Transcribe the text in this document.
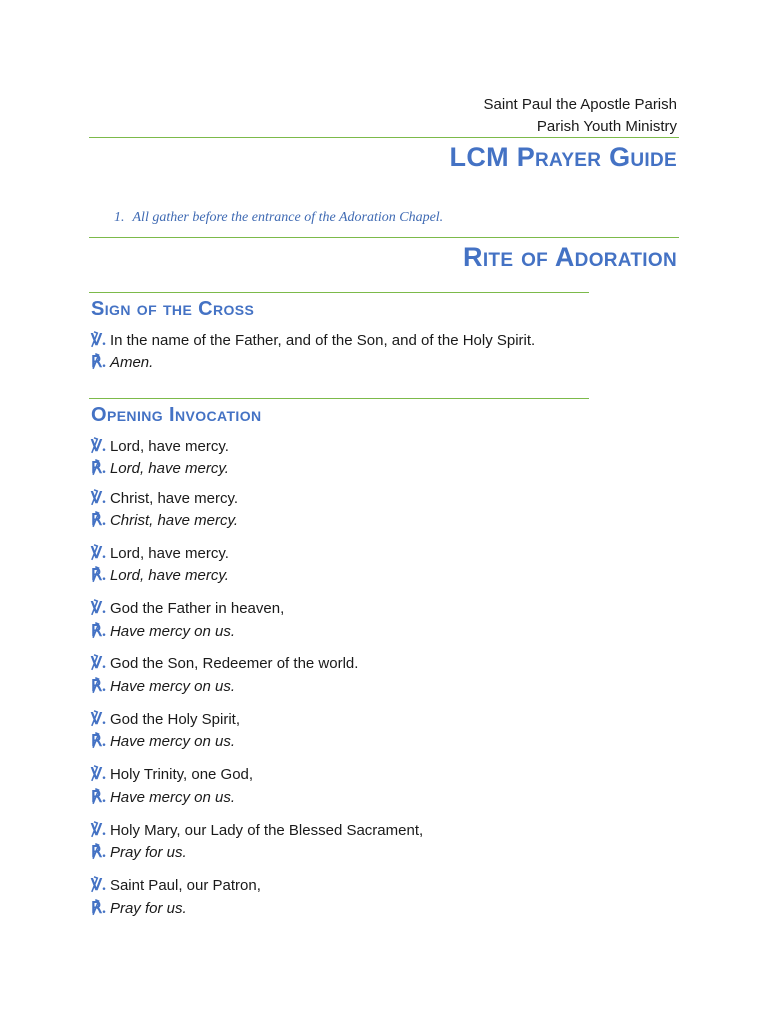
Saint Paul the Apostle Parish
Parish Youth Ministry
LCM Prayer Guide
1. All gather before the entrance of the Adoration Chapel.
Rite of Adoration
Sign of the Cross
℣. In the name of the Father, and of the Son, and of the Holy Spirit.
℟. Amen.
Opening Invocation
℣. Lord, have mercy.
℟. Lord, have mercy.
℣. Christ, have mercy.
℟. Christ, have mercy.
℣. Lord, have mercy.
℟. Lord, have mercy.
℣. God the Father in heaven,
℟. Have mercy on us.
℣. God the Son, Redeemer of the world.
℟. Have mercy on us.
℣. God the Holy Spirit,
℟. Have mercy on us.
℣. Holy Trinity, one God,
℟. Have mercy on us.
℣. Holy Mary, our Lady of the Blessed Sacrament,
℟. Pray for us.
℣. Saint Paul, our Patron,
℟. Pray for us.
